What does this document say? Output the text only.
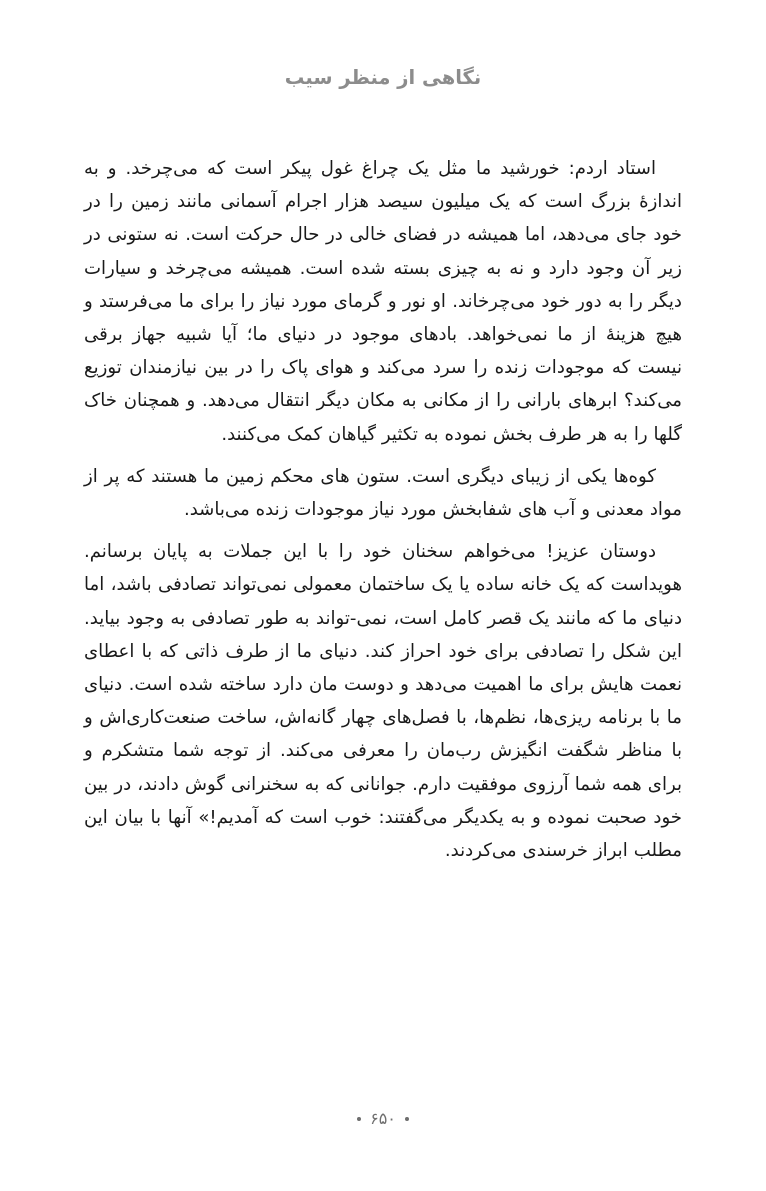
نگاهی از منظر سیب

استاد اردم: خورشید ما مثل یک چراغ غول پیکر است که می‌چرخد. و به اندازهٔ بزرگ است که یک میلیون سیصد هزار اجرام آسمانی مانند زمین را در خود جای می‌دهد، اما همیشه در فضای خالی در حال حرکت است. نه ستونی در زیر آن وجود دارد و نه به چیزی بسته شده است. همیشه می‌چرخد و سیارات دیگر را به دور خود می‌چرخاند. او نور و گرمای مورد نیاز را برای ما می‌فرستد و هیچ هزینهٔ از ما نمی‌خواهد. بادهای موجود در دنیای ما؛ آیا شبیه جهاز برقی نیست که موجودات زنده را سرد می‌کند و هوای پاک را در بین نیازمندان توزیع می‌کند؟ ابرهای بارانی را از مکانی به مکان دیگر انتقال می‌دهد. و همچنان خاک گلها را به هر طرف بخش نموده به تکثیر گیاهان کمک می‌کنند.

کوه‌ها یکی از زیبای دیگری است. ستون های محکم زمین ما هستند که پر از مواد معدنی و آب های شفابخش مورد نیاز موجودات زنده می‌باشد.

دوستان عزیز! می‌خواهم سخنان خود را با این جملات به پایان برسانم. هویداست که یک خانه ساده یا یک ساختمان معمولی نمی‌تواند تصادفی باشد، اما دنیای ما که مانند یک قصر کامل است، نمی-تواند به طور تصادفی به وجود بیاید. این شکل را تصادفی برای خود احراز کند. دنیای ما از طرف ذاتی که با اعطای نعمت هایش برای ما اهمیت می‌دهد و دوست مان دارد ساخته شده است. دنیای ما با برنامه ریزی‌ها، نظم‌ها، با فصل‌های چهار گانه‌اش، ساخت صنعت‌کاری‌اش و با مناظر شگفت انگیزش رب‌مان را معرفی می‌کند. از توجه شما متشکرم و برای همه شما آرزوی موفقیت دارم. جوانانی که به سخنرانی گوش دادند، در بین خود صحبت نموده و به یکدیگر می‌گفتند: خوب است که آمدیم!» آنها با بیان این مطلب ابراز خرسندی می‌کردند.

۶۵۰
